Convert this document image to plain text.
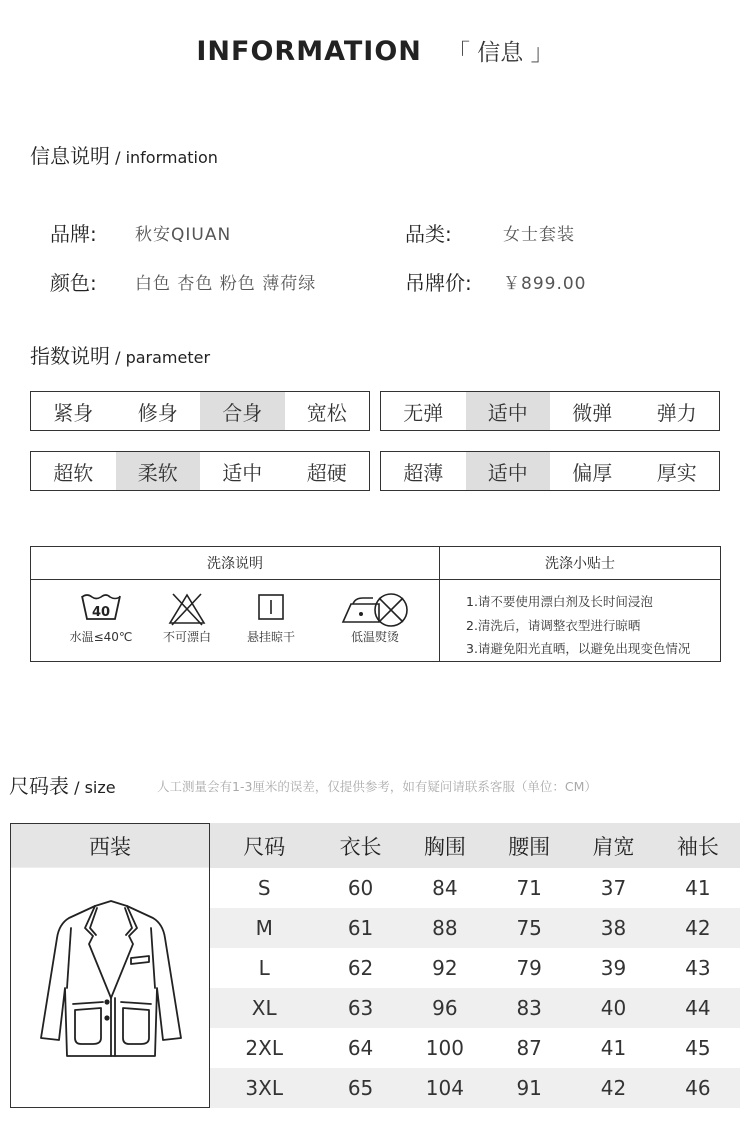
INFORMATION 「 信息 」
信息说明 / information
品牌: 秋安QIUAN	品类:	女士套装
颜色: 白色 杏色 粉色 薄荷绿	吊牌价: ￥899.00
指数说明 / parameter
紧身	修身	合身	宽松	无弹	适中	微弹	弹力
超软	柔软	适中	超硬	超薄	适中	偏厚	厚实
洗涤说明
40
水温≤40℃	不可漂白	悬挂晾干	低温熨烫
洗涤小贴士
1.请不要使用漂白剂及长时间浸泡
2.清洗后，请调整衣型进行晾晒
3.请避免阳光直晒，以避免出现变色情况
尺码表 / size	人工测量会有1-3厘米的误差，仅提供参考，如有疑问请联系客服（单位：CM）
西装	尺码	衣长	胸围	腰围	肩宽	袖长
S	60	84	71	37	41
M	61	88	75	38	42
L	62	92	79	39	43
XL	63	96	83	40	44
2XL	64	100	87	41	45
3XL	65	104	91	42	46
